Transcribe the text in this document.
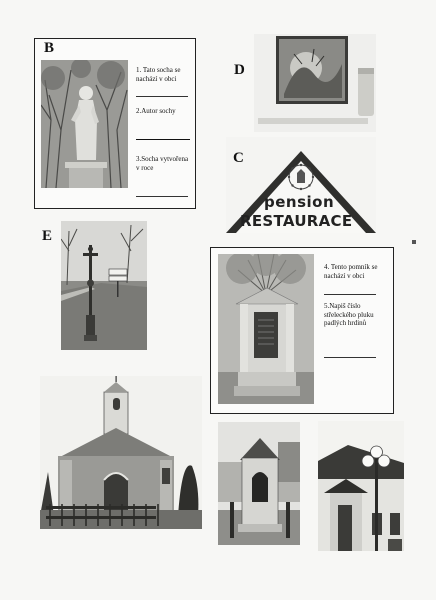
B
1. Tato socha se nachází v obci
2.Autor sochy
3.Socha vytvořena v roce
D
C
pension
RESTAURACE
E
4. Tento pomník se nachází v obci
5.Napiš číslo střeleckého pluku padlých hrdinů
